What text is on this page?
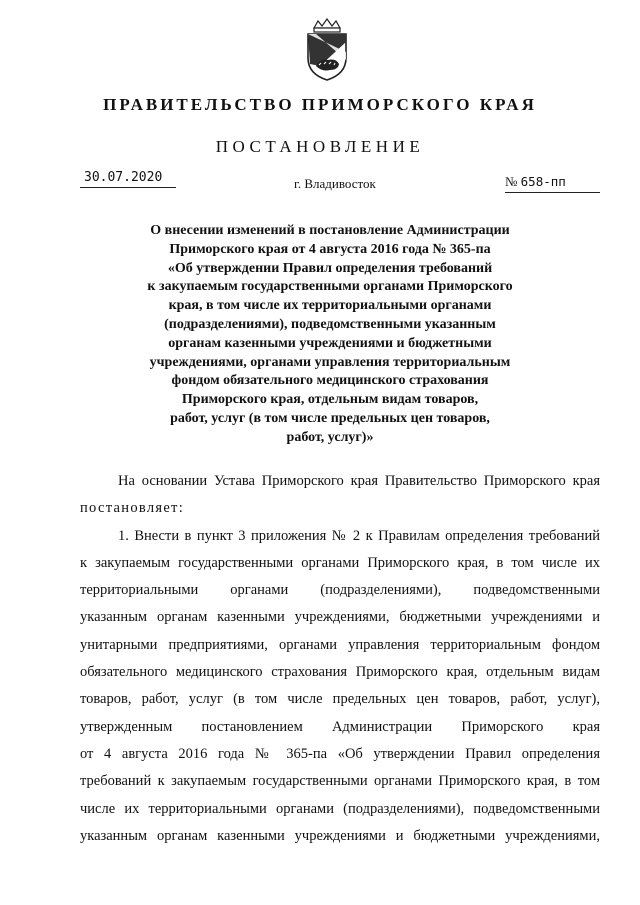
ПРАВИТЕЛЬСТВО ПРИМОРСКОГО КРАЯ
ПОСТАНОВЛЕНИЕ
30.07.2020	г. Владивосток	№ 658-пп
О внесении изменений в постановление Администрации
Приморского края от 4 августа 2016 года № 365-па
«Об утверждении Правил определения требований
к закупаемым государственными органами Приморского
края, в том числе их территориальными органами
(подразделениями), подведомственными указанным
органам казенными учреждениями и бюджетными
учреждениями, органами управления территориальным
фондом обязательного медицинского страхования
Приморского края, отдельным видам товаров,
работ, услуг (в том числе предельных цен товаров,
работ, услуг)»
На основании Устава Приморского края Правительство Приморского края
постановляет:
1. Внести в пункт 3 приложения № 2 к Правилам определения требований
к закупаемым государственными органами Приморского края, в том числе их
территориальными органами (подразделениями), подведомственными
указанным органам казенными учреждениями, бюджетными учреждениями и
унитарными предприятиями, органами управления территориальным фондом
обязательного медицинского страхования Приморского края, отдельным видам
товаров, работ, услуг (в том числе предельных цен товаров, работ, услуг),
утвержденным постановлением Администрации Приморского края
от 4 августа 2016 года № 365-па «Об утверждении Правил определения
требований к закупаемым государственными органами Приморского края, в том
числе их территориальными органами (подразделениями), подведомственными
указанным органам казенными учреждениями и бюджетными учреждениями,
